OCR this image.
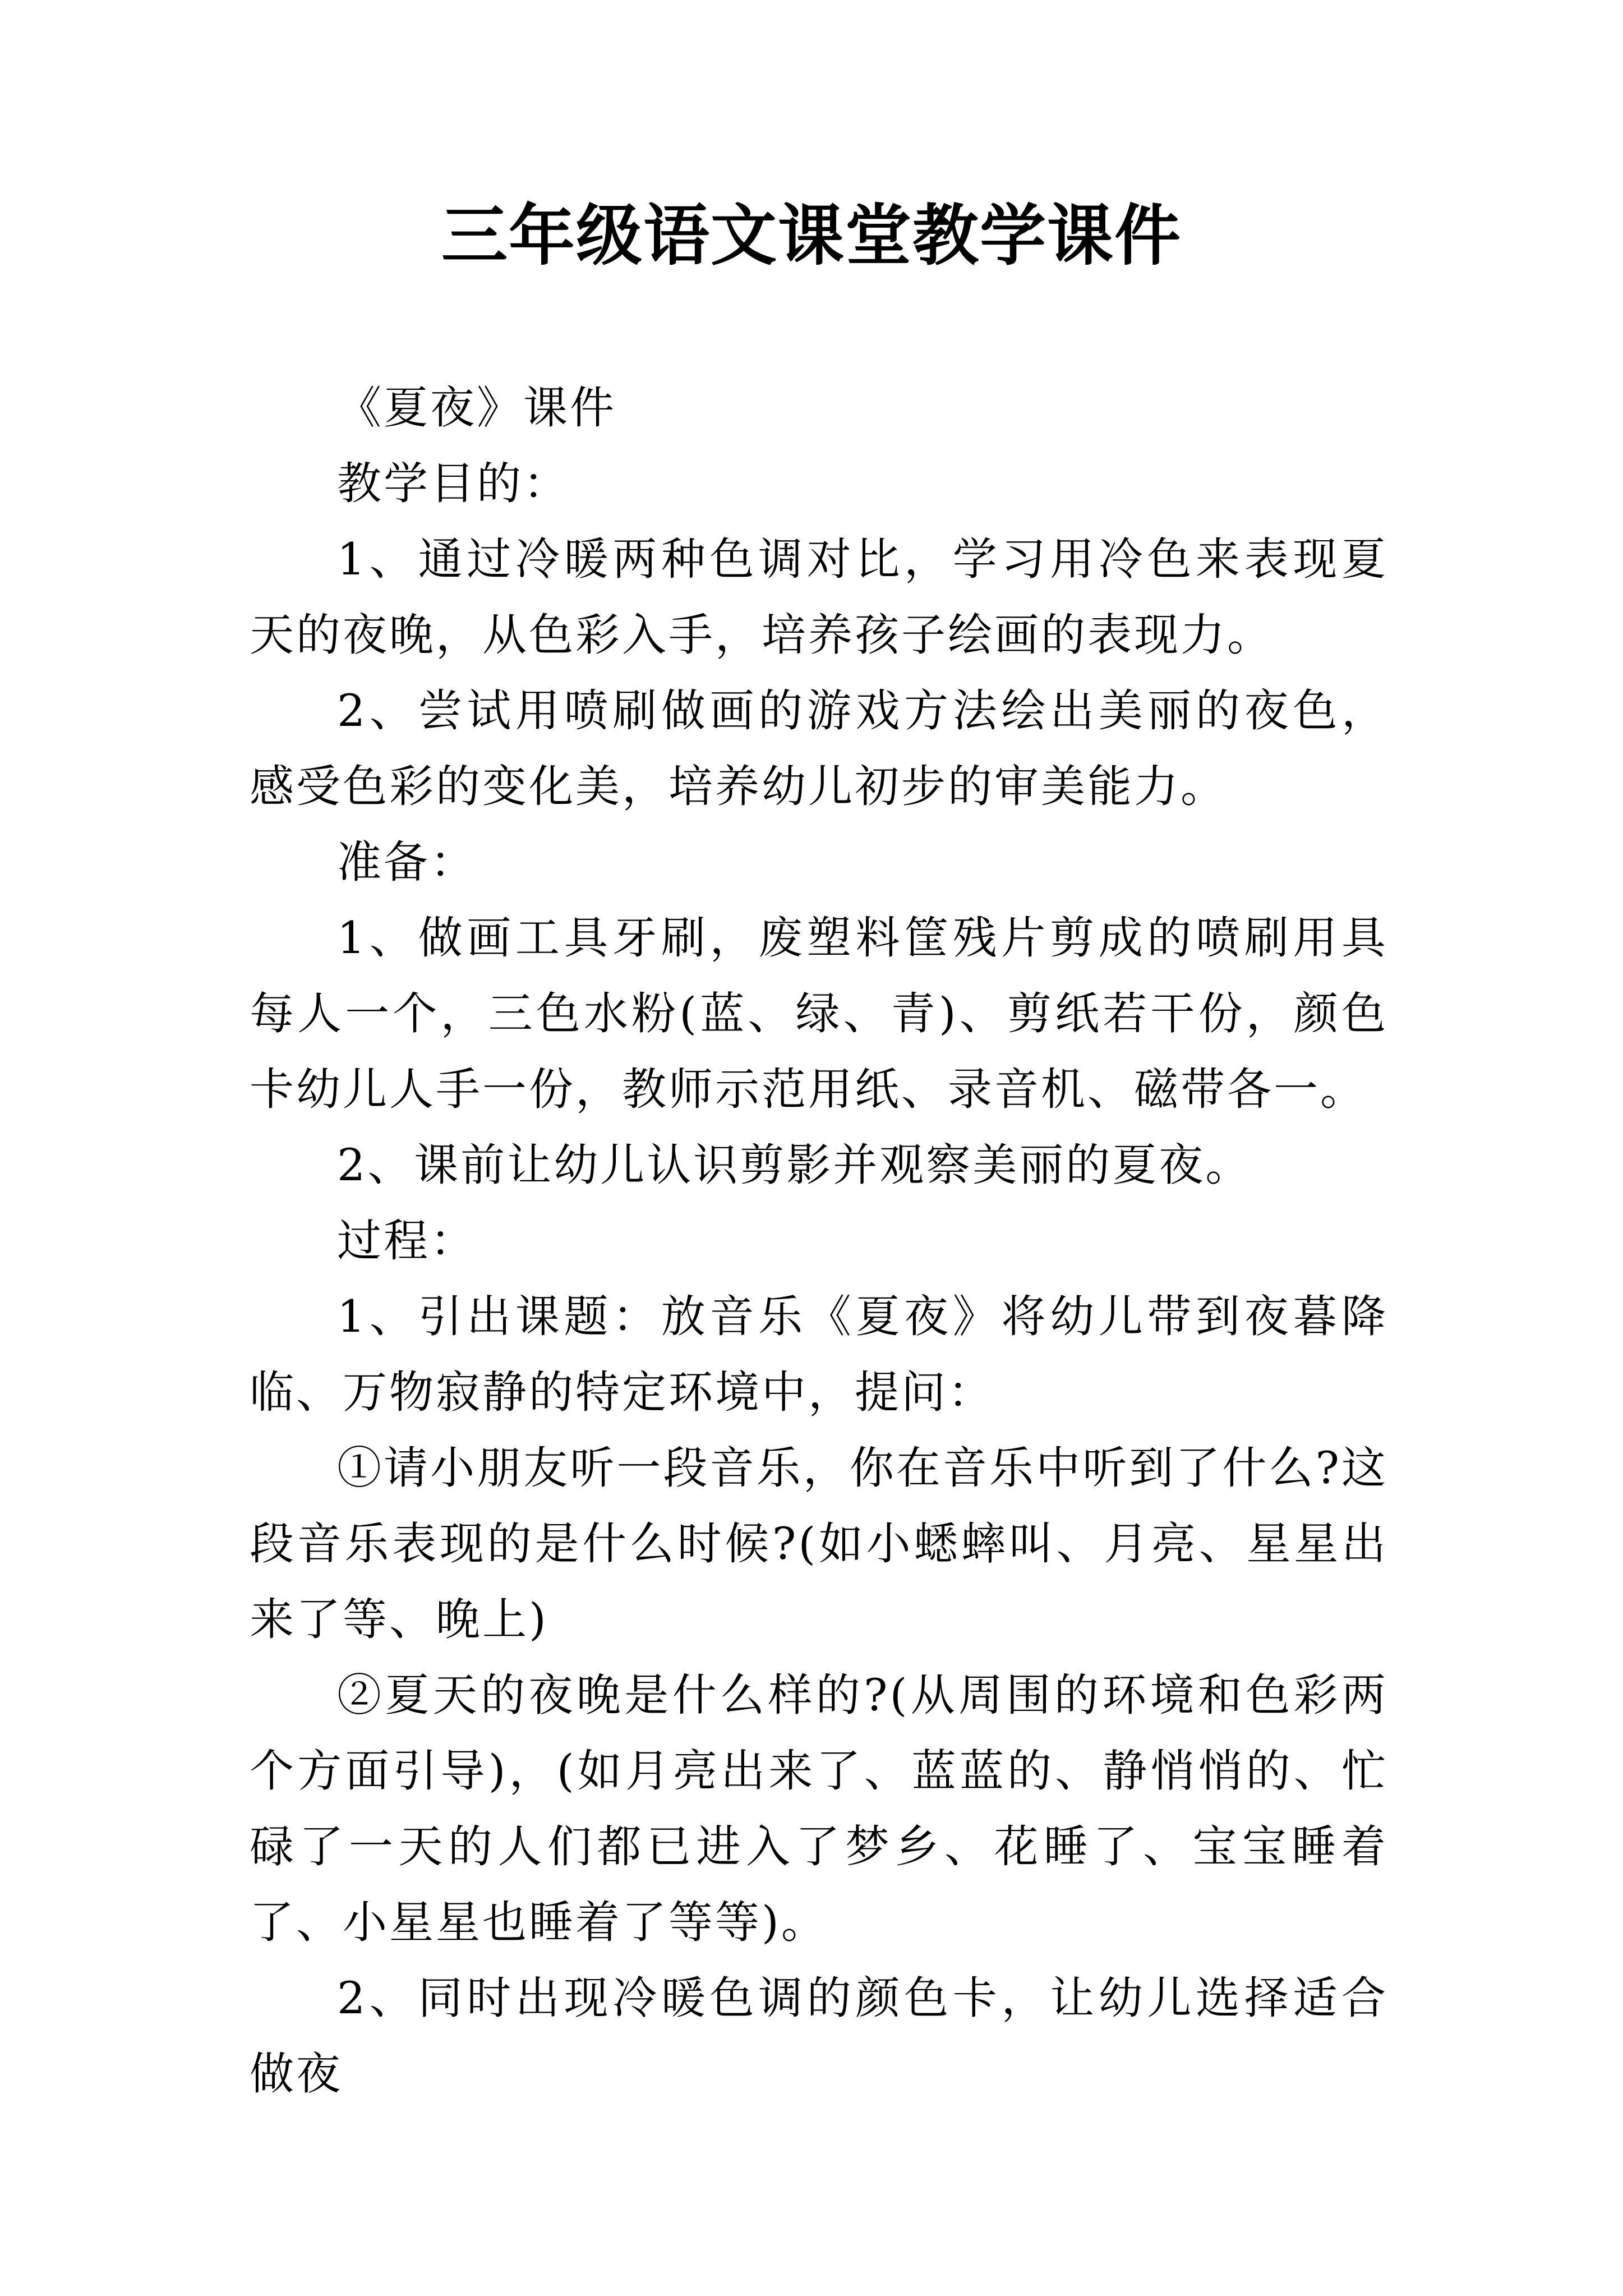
三年级语文课堂教学课件

《夏夜》课件

教学目的：

1、通过冷暖两种色调对比，学习用冷色来表现夏天的夜晚，从色彩入手，培养孩子绘画的表现力。

2、尝试用喷刷做画的游戏方法绘出美丽的夜色，感受色彩的变化美，培养幼儿初步的审美能力。

准备：

1、做画工具牙刷，废塑料筐残片剪成的喷刷用具每人一个，三色水粉(蓝、绿、青)、剪纸若干份，颜色卡幼儿人手一份，教师示范用纸、录音机、磁带各一。

2、课前让幼儿认识剪影并观察美丽的夏夜。

过程：

1、引出课题：放音乐《夏夜》将幼儿带到夜暮降临、万物寂静的特定环境中，提问：

①请小朋友听一段音乐，你在音乐中听到了什么?这段音乐表现的是什么时候?(如小蟋蟀叫、月亮、星星出来了等、晚上)

②夏天的夜晚是什么样的?(从周围的环境和色彩两个方面引导)，(如月亮出来了、蓝蓝的、静悄悄的、忙碌了一天的人们都已进入了梦乡、花睡了、宝宝睡着了、小星星也睡着了等等)。

2、同时出现冷暖色调的颜色卡，让幼儿选择适合做夜
